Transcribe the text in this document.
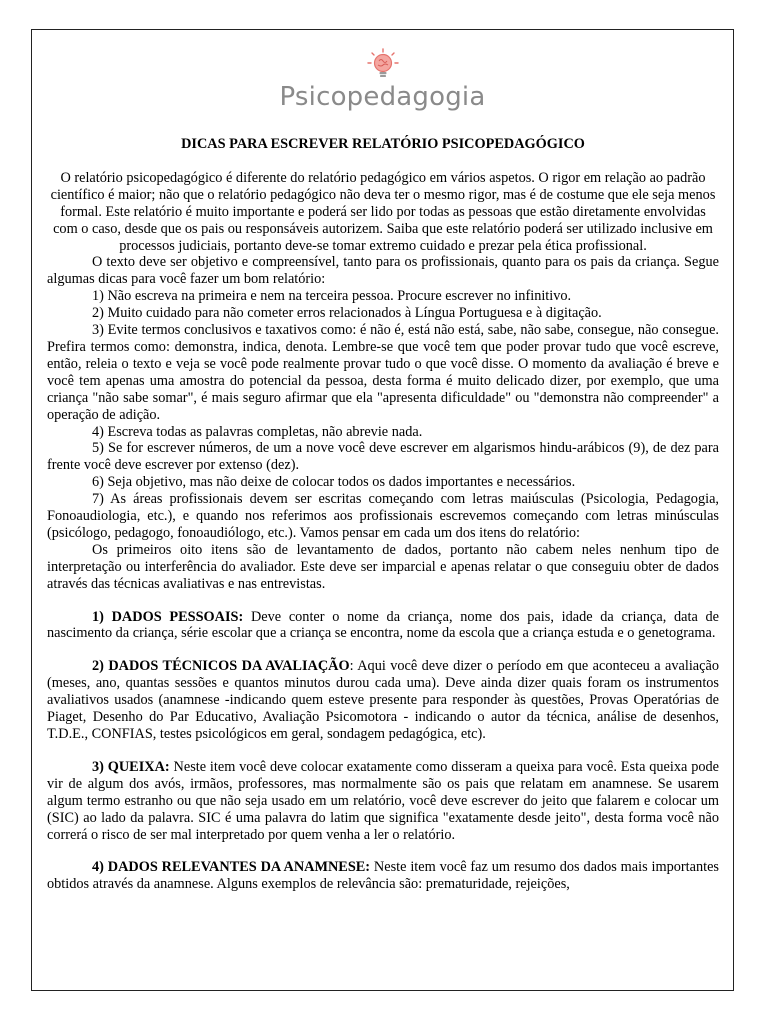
Psicopedagogia

DICAS PARA ESCREVER RELATÓRIO PSICOPEDAGÓGICO

O relatório psicopedagógico é diferente do relatório pedagógico em vários aspetos. O rigor em relação ao padrão científico é maior; não que o relatório pedagógico não deva ter o mesmo rigor, mas é de costume que ele seja menos formal. Este relatório é muito importante e poderá ser lido por todas as pessoas que estão diretamente envolvidas com o caso, desde que os pais ou responsáveis autorizem. Saiba que este relatório poderá ser utilizado inclusive em processos judiciais, portanto deve-se tomar extremo cuidado e prezar pela ética profissional.

O texto deve ser objetivo e compreensível, tanto para os profissionais, quanto para os pais da criança. Segue algumas dicas para você fazer um bom relatório:

1) Não escreva na primeira e nem na terceira pessoa. Procure escrever no infinitivo.

2) Muito cuidado para não cometer erros relacionados à Língua Portuguesa e à digitação.

3) Evite termos conclusivos e taxativos como: é não é, está não está, sabe, não sabe, consegue, não consegue. Prefira termos como: demonstra, indica, denota. Lembre-se que você tem que poder provar tudo que você escreve, então, releia o texto e veja se você pode realmente provar tudo o que você disse. O momento da avaliação é breve e você tem apenas uma amostra do potencial da pessoa, desta forma é muito delicado dizer, por exemplo, que uma criança "não sabe somar", é mais seguro afirmar que ela "apresenta dificuldade" ou "demonstra não compreender" a operação de adição.

4) Escreva todas as palavras completas, não abrevie nada.

5) Se for escrever números, de um a nove você deve escrever em algarismos hindu-arábicos (9), de dez para frente você deve escrever por extenso (dez).

6) Seja objetivo, mas não deixe de colocar todos os dados importantes e necessários.

7) As áreas profissionais devem ser escritas começando com letras maiúsculas (Psicologia, Pedagogia, Fonoaudiologia, etc.), e quando nos referimos aos profissionais escrevemos começando com letras minúsculas (psicólogo, pedagogo, fonoaudiólogo, etc.). Vamos pensar em cada um dos itens do relatório:

Os primeiros oito itens são de levantamento de dados, portanto não cabem neles nenhum tipo de interpretação ou interferência do avaliador. Este deve ser imparcial e apenas relatar o que conseguiu obter de dados através das técnicas avaliativas e nas entrevistas.

1) DADOS PESSOAIS: Deve conter o nome da criança, nome dos pais, idade da criança, data de nascimento da criança, série escolar que a criança se encontra, nome da escola que a criança estuda e o genetograma.

2) DADOS TÉCNICOS DA AVALIAÇÃO: Aqui você deve dizer o período em que aconteceu a avaliação (meses, ano, quantas sessões e quantos minutos durou cada uma). Deve ainda dizer quais foram os instrumentos avaliativos usados (anamnese -indicando quem esteve presente para responder às questões, Provas Operatórias de Piaget, Desenho do Par Educativo, Avaliação Psicomotora - indicando o autor da técnica, análise de desenhos, T.D.E., CONFIAS, testes psicológicos em geral, sondagem pedagógica, etc).

3) QUEIXA: Neste item você deve colocar exatamente como disseram a queixa para você. Esta queixa pode vir de algum dos avós, irmãos, professores, mas normalmente são os pais que relatam em anamnese. Se usarem algum termo estranho ou que não seja usado em um relatório, você deve escrever do jeito que falarem e colocar um (SIC) ao lado da palavra. SIC é uma palavra do latim que significa "exatamente desde jeito", desta forma você não correrá o risco de ser mal interpretado por quem venha a ler o relatório.

4) DADOS RELEVANTES DA ANAMNESE: Neste item você faz um resumo dos dados mais importantes obtidos através da anamnese. Alguns exemplos de relevância são: prematuridade, rejeições,
